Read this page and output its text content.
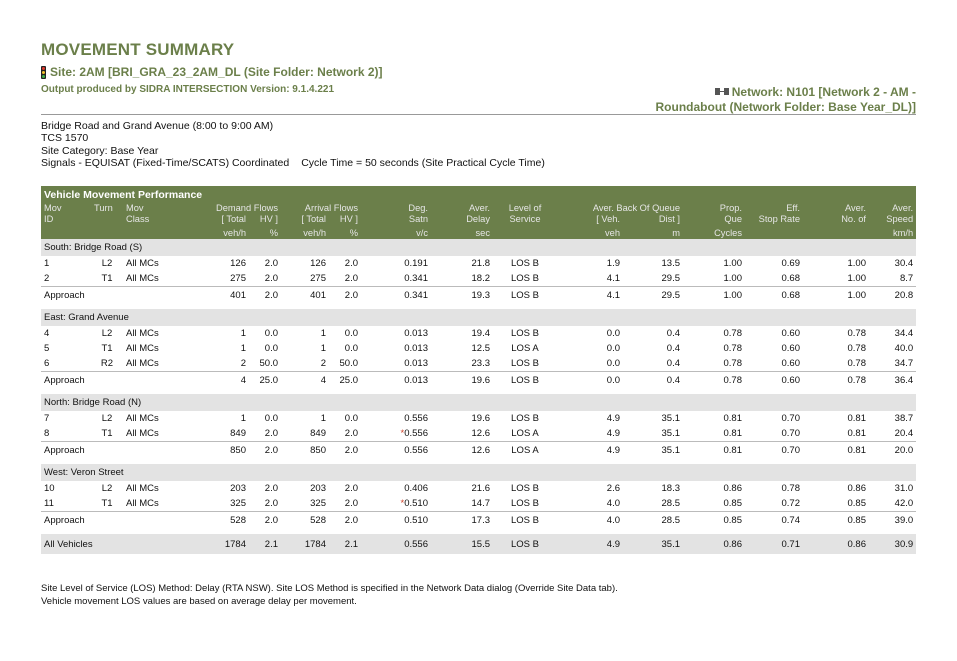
MOVEMENT SUMMARY
Site: 2AM [BRI_GRA_23_2AM_DL (Site Folder: Network 2)]
Output produced by SIDRA INTERSECTION Version: 9.1.4.221	Network: N101 [Network 2 - AM -
Roundabout (Network Folder: Base Year_DL)]
Bridge Road and Grand Avenue (8:00 to 9:00 AM)
TCS 1570
Site Category: Base Year
Signals - EQUISAT (Fixed-Time/SCATS) Coordinated Cycle Time = 50 seconds (Site Practical Cycle Time)
Vehicle Movement Performance															
Mov	Turn	Mov	Demand Flows		Arrival Flows		Deg.	Aver.	Level of	Aver. Back Of Queue		Prop.	Eff.	Aver.	Aver.
ID		Class	[ Total	HV ]	[ Total	HV ]	Satn	Delay	Service	[ Veh.	Dist ]	Que	Stop Rate	No. of	Speed
			veh/h	%	veh/h	%	v/c	sec		veh	m	Cycles			km/h
South: Bridge Road (S)															
1	L2	All MCs	126	2.0	126	2.0	0.191	21.8	LOS B	1.9	13.5	1.00	0.69	1.00	30.4
2	T1	All MCs	275	2.0	275	2.0	0.341	18.2	LOS B	4.1	29.5	1.00	0.68	1.00	8.7
Approach			401	2.0	401	2.0	0.341	19.3	LOS B	4.1	29.5	1.00	0.68	1.00	20.8

East: Grand Avenue															
4	L2	All MCs	1	0.0	1	0.0	0.013	19.4	LOS B	0.0	0.4	0.78	0.60	0.78	34.4
5	T1	All MCs	1	0.0	1	0.0	0.013	12.5	LOS A	0.0	0.4	0.78	0.60	0.78	40.0
6	R2	All MCs	2	50.0	2	50.0	0.013	23.3	LOS B	0.0	0.4	0.78	0.60	0.78	34.7
Approach			4	25.0	4	25.0	0.013	19.6	LOS B	0.0	0.4	0.78	0.60	0.78	36.4

North: Bridge Road (N)															
7	L2	All MCs	1	0.0	1	0.0	0.556	19.6	LOS B	4.9	35.1	0.81	0.70	0.81	38.7
8	T1	All MCs	849	2.0	849	2.0	*0.556	12.6	LOS A	4.9	35.1	0.81	0.70	0.81	20.4
Approach			850	2.0	850	2.0	0.556	12.6	LOS A	4.9	35.1	0.81	0.70	0.81	20.0

West: Veron Street															
10	L2	All MCs	203	2.0	203	2.0	0.406	21.6	LOS B	2.6	18.3	0.86	0.78	0.86	31.0
11	T1	All MCs	325	2.0	325	2.0	*0.510	14.7	LOS B	4.0	28.5	0.85	0.72	0.85	42.0
Approach			528	2.0	528	2.0	0.510	17.3	LOS B	4.0	28.5	0.85	0.74	0.85	39.0

All Vehicles			1784	2.1	1784	2.1	0.556	15.5	LOS B	4.9	35.1	0.86	0.71	0.86	30.9
Site Level of Service (LOS) Method: Delay (RTA NSW). Site LOS Method is specified in the Network Data dialog (Override Site Data tab).
Vehicle movement LOS values are based on average delay per movement.
